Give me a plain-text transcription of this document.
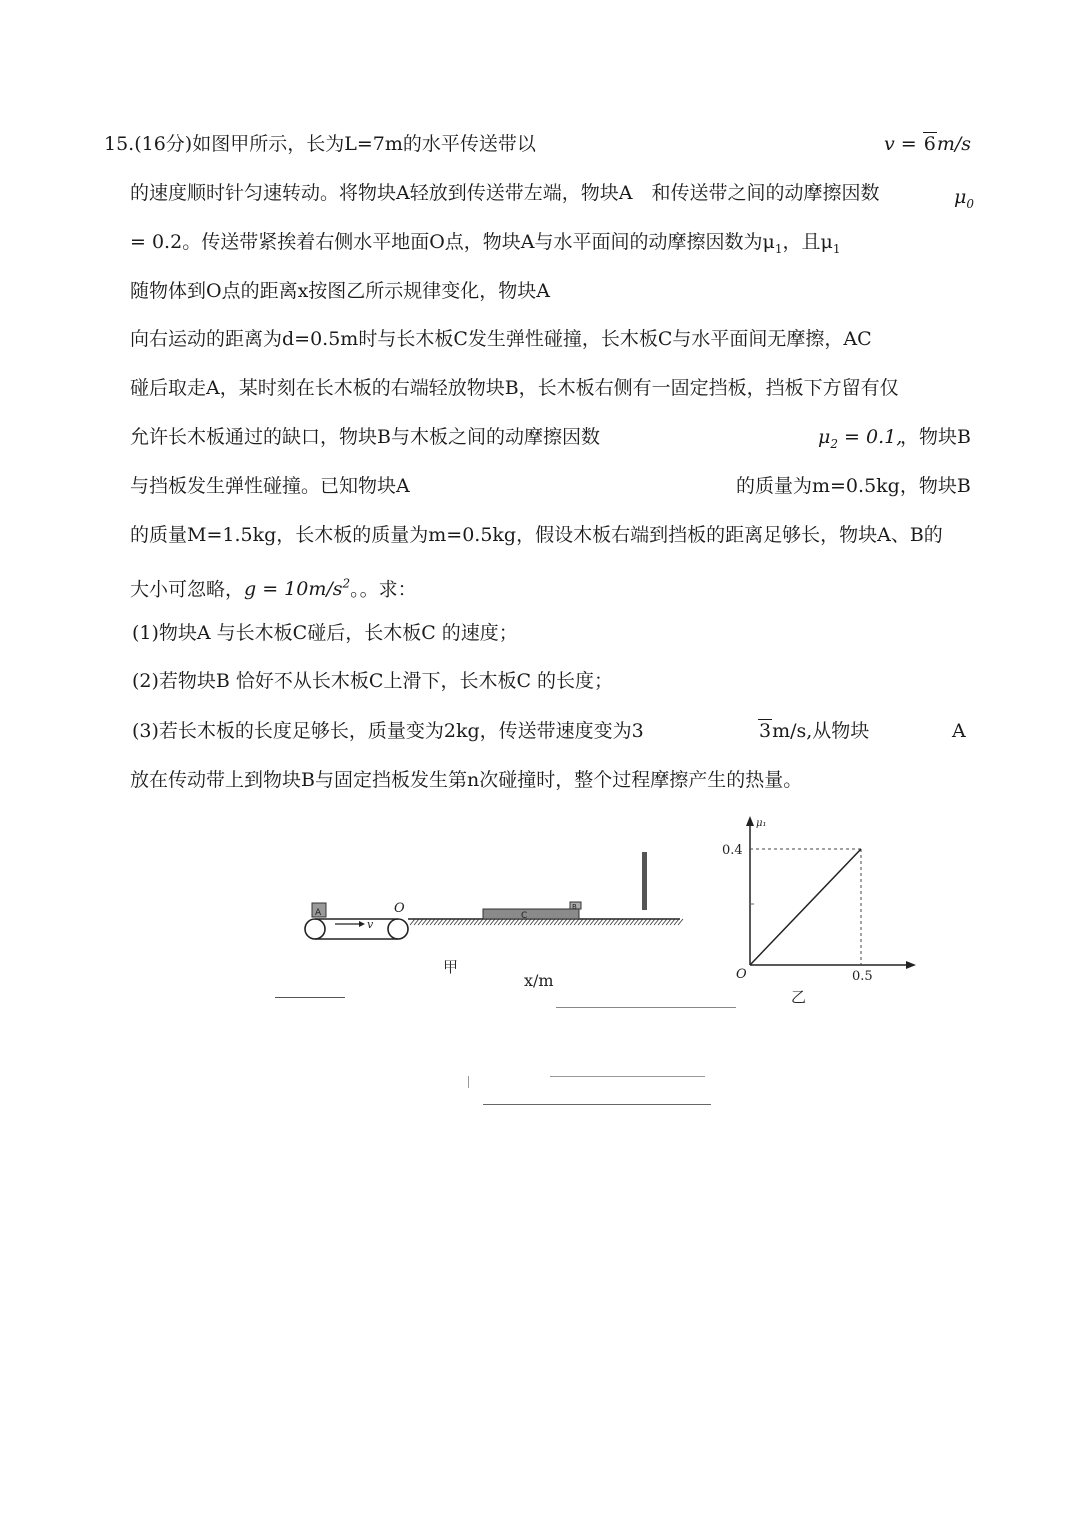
15.(16分)如图甲所示，长为L=7m的水平传送带以	v = 6m/s
的速度顺时针匀速转动。将物块A轻放到传送带左端，物块A　和传送带之间的动摩擦因数	$\mu_0$
= 0.2。传送带紧挨着右侧水平地面O点，物块A与水平面间的动摩擦因数为$\mu_1$，且$\mu_1$
随物体到O点的距离x按图乙所示规律变化，物块A
向右运动的距离为d=0.5m时与长木板C发生弹性碰撞，长木板C与水平面间无摩擦，AC
碰后取走A，某时刻在长木板的右端轻放物块B，长木板右侧有一固定挡板，挡板下方留有仅
允许长木板通过的缺口，物块B与木板之间的动摩擦因数	$\mu_2 = 0.1$,
，物块B
与挡板发生弹性碰撞。已知物块A	的质量为m=0.5kg，物块B
的质量M=1.5kg，长木板的质量为m=0.5kg，假设木板右端到挡板的距离足够长，物块A、B的
大小可忽略，$g = 10m/s^2$。。求：
(1)物块A 与长木板C碰后，长木板C 的速度；
(2)若物块B 恰好不从长木板C上滑下，长木板C 的长度；
(3)若长木板的长度足够长，质量变为2kg，传送带速度变为3	3m/s,从物块	A
放在传动带上到物块B与固定挡板发生第n次碰撞时，整个过程摩擦产生的热量。
A
v
O	C
B
甲
x/m
μ₁
0.4
O	0.5
乙
